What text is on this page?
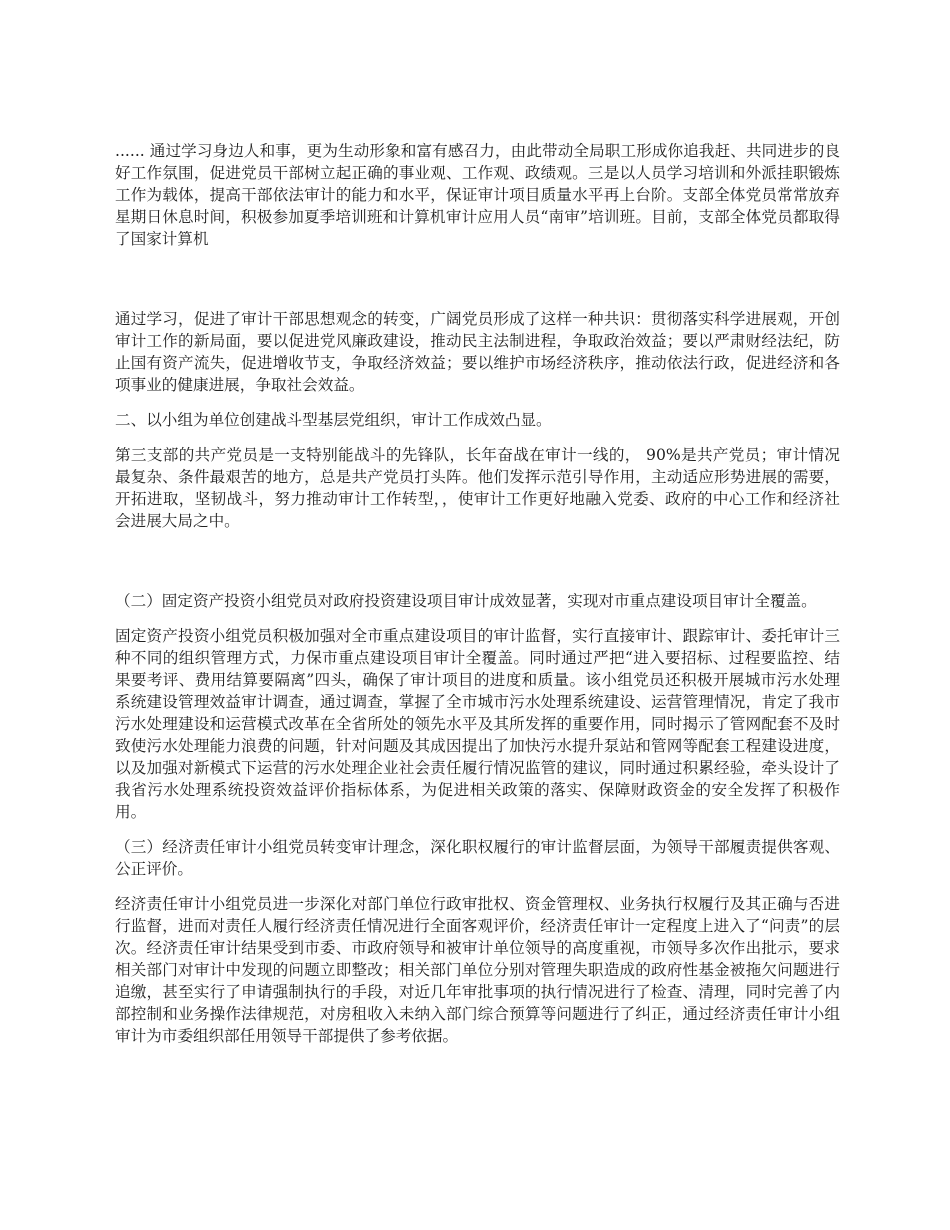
...... 通过学习身边人和事，更为生动形象和富有感召力，由此带动全局职工形成你追我赶、共同进步的良好工作氛围，促进党员干部树立起正确的事业观、工作观、政绩观。三是以人员学习培训和外派挂职锻炼工作为载体，提高干部依法审计的能力和水平，保证审计项目质量水平再上台阶。支部全体党员常常放弃星期日休息时间，积极参加夏季培训班和计算机审计应用人员“南审”培训班。目前，支部全体党员都取得了国家计算机

通过学习，促进了审计干部思想观念的转变，广阔党员形成了这样一种共识：贯彻落实科学进展观，开创审计工作的新局面，要以促进党风廉政建设，推动民主法制进程，争取政治效益；要以严肃财经法纪，防止国有资产流失，促进增收节支，争取经济效益；要以维护市场经济秩序，推动依法行政，促进经济和各项事业的健康进展，争取社会效益。

二、以小组为单位创建战斗型基层党组织，审计工作成效凸显。

第三支部的共产党员是一支特别能战斗的先锋队，长年奋战在审计一线的， 90%是共产党员；审计情况最复杂、条件最艰苦的地方，总是共产党员打头阵。他们发挥示范引导作用，主动适应形势进展的需要，开拓进取，坚韧战斗，努力推动审计工作转型，，使审计工作更好地融入党委、政府的中心工作和经济社会进展大局之中。

（二）固定资产投资小组党员对政府投资建设项目审计成效显著，实现对市重点建设项目审计全覆盖。

固定资产投资小组党员积极加强对全市重点建设项目的审计监督，实行直接审计、跟踪审计、委托审计三种不同的组织管理方式，力保市重点建设项目审计全覆盖。同时通过严把“进入要招标、过程要监控、结果要考评、费用结算要隔离”四头，确保了审计项目的进度和质量。该小组党员还积极开展城市污水处理系统建设管理效益审计调查，通过调查，掌握了全市城市污水处理系统建设、运营管理情况，肯定了我市污水处理建设和运营模式改革在全省所处的领先水平及其所发挥的重要作用，同时揭示了管网配套不及时致使污水处理能力浪费的问题，针对问题及其成因提出了加快污水提升泵站和管网等配套工程建设进度，以及加强对新模式下运营的污水处理企业社会责任履行情况监管的建议，同时通过积累经验，牵头设计了我省污水处理系统投资效益评价指标体系，为促进相关政策的落实、保障财政资金的安全发挥了积极作用。

（三）经济责任审计小组党员转变审计理念，深化职权履行的审计监督层面，为领导干部履责提供客观、公正评价。

经济责任审计小组党员进一步深化对部门单位行政审批权、资金管理权、业务执行权履行及其正确与否进行监督，进而对责任人履行经济责任情况进行全面客观评价，经济责任审计一定程度上进入了“问责”的层次。经济责任审计结果受到市委、市政府领导和被审计单位领导的高度重视，市领导多次作出批示，要求相关部门对审计中发现的问题立即整改；相关部门单位分别对管理失职造成的政府性基金被拖欠问题进行追缴，甚至实行了申请强制执行的手段，对近几年审批事项的执行情况进行了检查、清理，同时完善了内部控制和业务操作法律规范，对房租收入未纳入部门综合预算等问题进行了纠正，通过经济责任审计小组审计为市委组织部任用领导干部提供了参考依据。
